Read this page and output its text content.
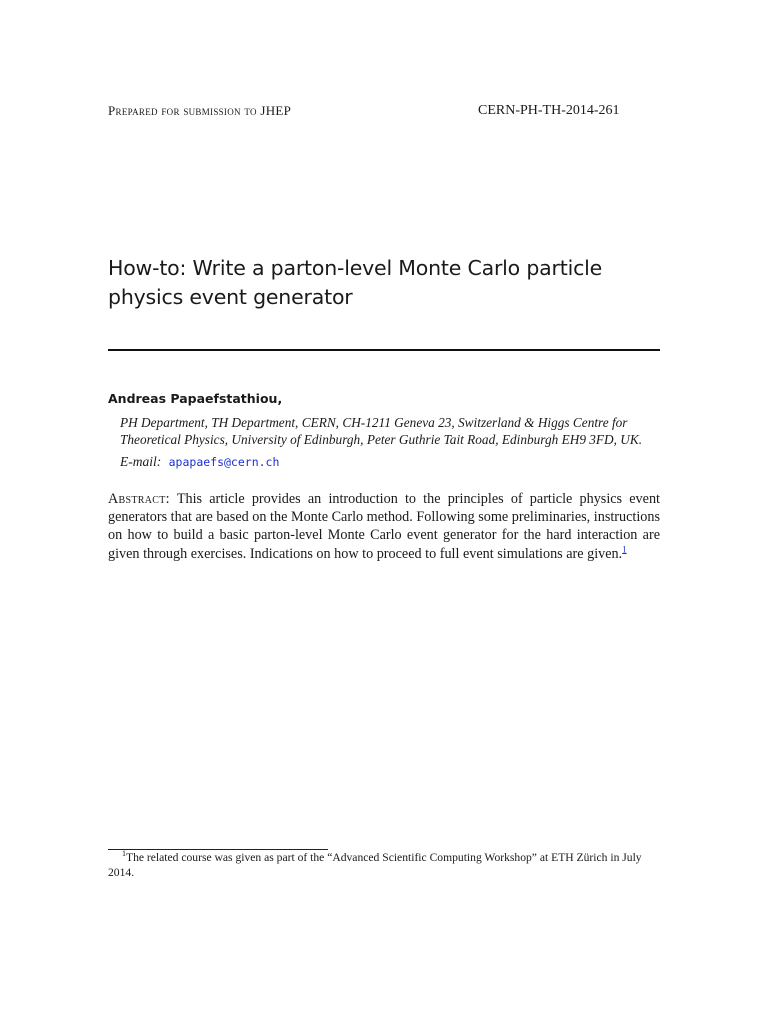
Prepared for submission to JHEP	CERN-PH-TH-2014-261
How-to: Write a parton-level Monte Carlo particle
physics event generator
Andreas Papaefstathiou,

PH Department, TH Department, CERN, CH-1211 Geneva 23, Switzerland & Higgs Centre for Theoretical Physics, University of Edinburgh, Peter Guthrie Tait Road, Edinburgh EH9 3FD, UK.

E-mail: apapaefs@cern.ch

Abstract: This article provides an introduction to the principles of particle physics event generators that are based on the Monte Carlo method. Following some preliminaries, instructions on how to build a basic parton-level Monte Carlo event generator for the hard interaction are given through exercises. Indications on how to proceed to full event simulations are given.$^1$

$^1$The related course was given as part of the “Advanced Scientific Computing Workshop” at ETH Zürich in July 2014.
